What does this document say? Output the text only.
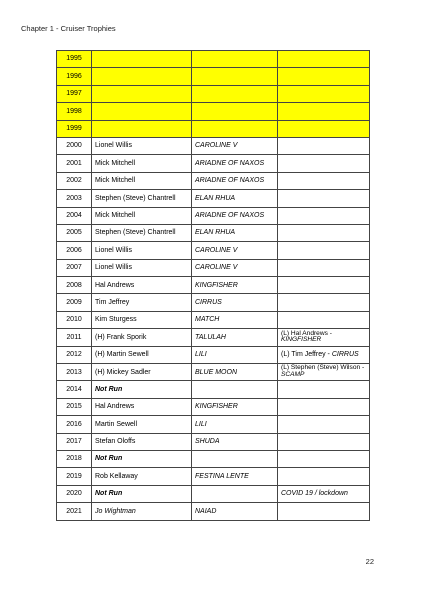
Chapter 1 - Cruiser Trophies
1995			
1996			
1997			
1998			
1999			
2000	Lionel Willis	CAROLINE V	
2001	Mick Mitchell	ARIADNE OF NAXOS	
2002	Mick Mitchell	ARIADNE OF NAXOS	
2003	Stephen (Steve) Chantrell	ELAN RHUA	
2004	Mick Mitchell	ARIADNE OF NAXOS	
2005	Stephen (Steve) Chantrell	ELAN RHUA	
2006	Lionel Willis	CAROLINE V	
2007	Lionel Willis	CAROLINE V	
2008	Hal Andrews	KINGFISHER	
2009	Tim Jeffrey	CIRRUS	
2010	Kim Sturgess	MATCH	
2011	(H) Frank Sporik	TALULAH	(L) Hal Andrews -
KINGFISHER
2012	(H) Martin Sewell	LILI	(L) Tim Jeffrey - CIRRUS
2013	(H) Mickey Sadler	BLUE MOON	(L) Stephen (Steve) Wilson -
SCAMP
2014	Not Run		
2015	Hal Andrews	KINGFISHER	
2016	Martin Sewell	LILI	
2017	Stefan Oloffs	SHUDA	
2018	Not Run		
2019	Rob Kellaway	FESTINA LENTE	
2020	Not Run		COVID 19 / lockdown
2021	Jo Wightman	NAIAD	
22
